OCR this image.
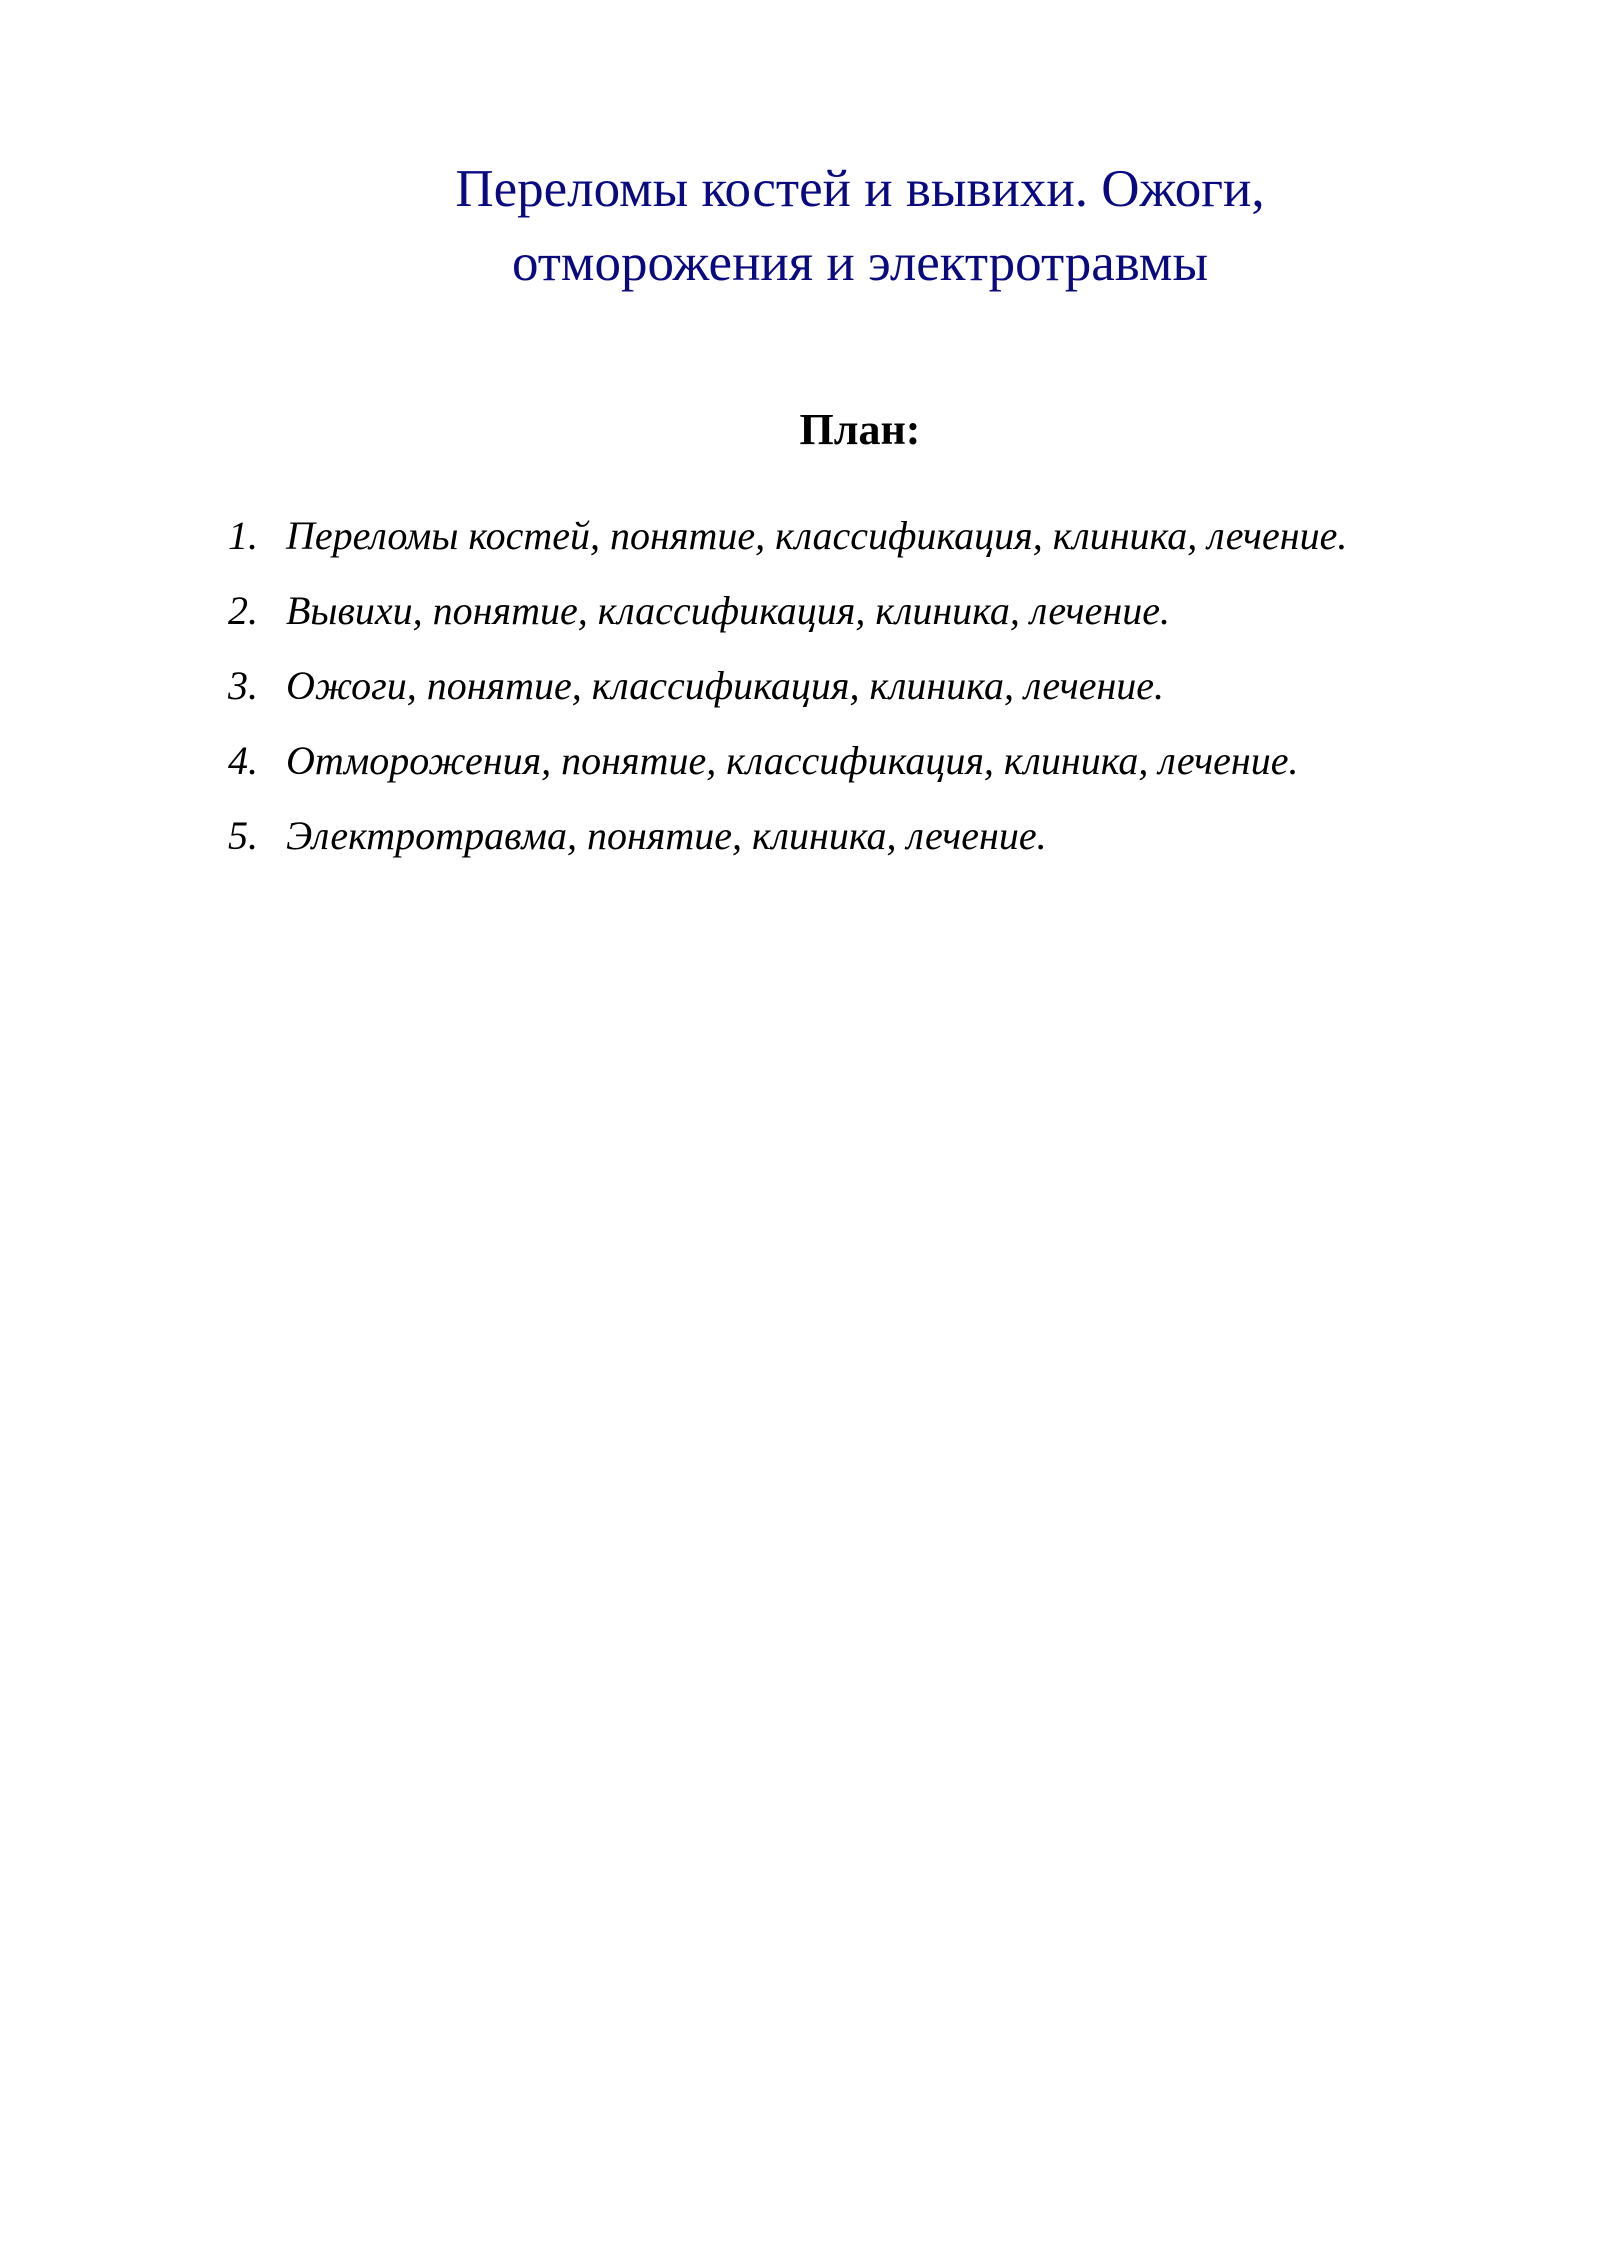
Переломы костей и вывихи. Ожоги,
отморожения и электротравмы
План:
1. Переломы костей, понятие, классификация, клиника, лечение.
2. Вывихи, понятие, классификация, клиника, лечение.
3. Ожоги, понятие, классификация, клиника, лечение.
4. Отморожения, понятие, классификация, клиника, лечение.
5. Электротравма, понятие, клиника, лечение.
